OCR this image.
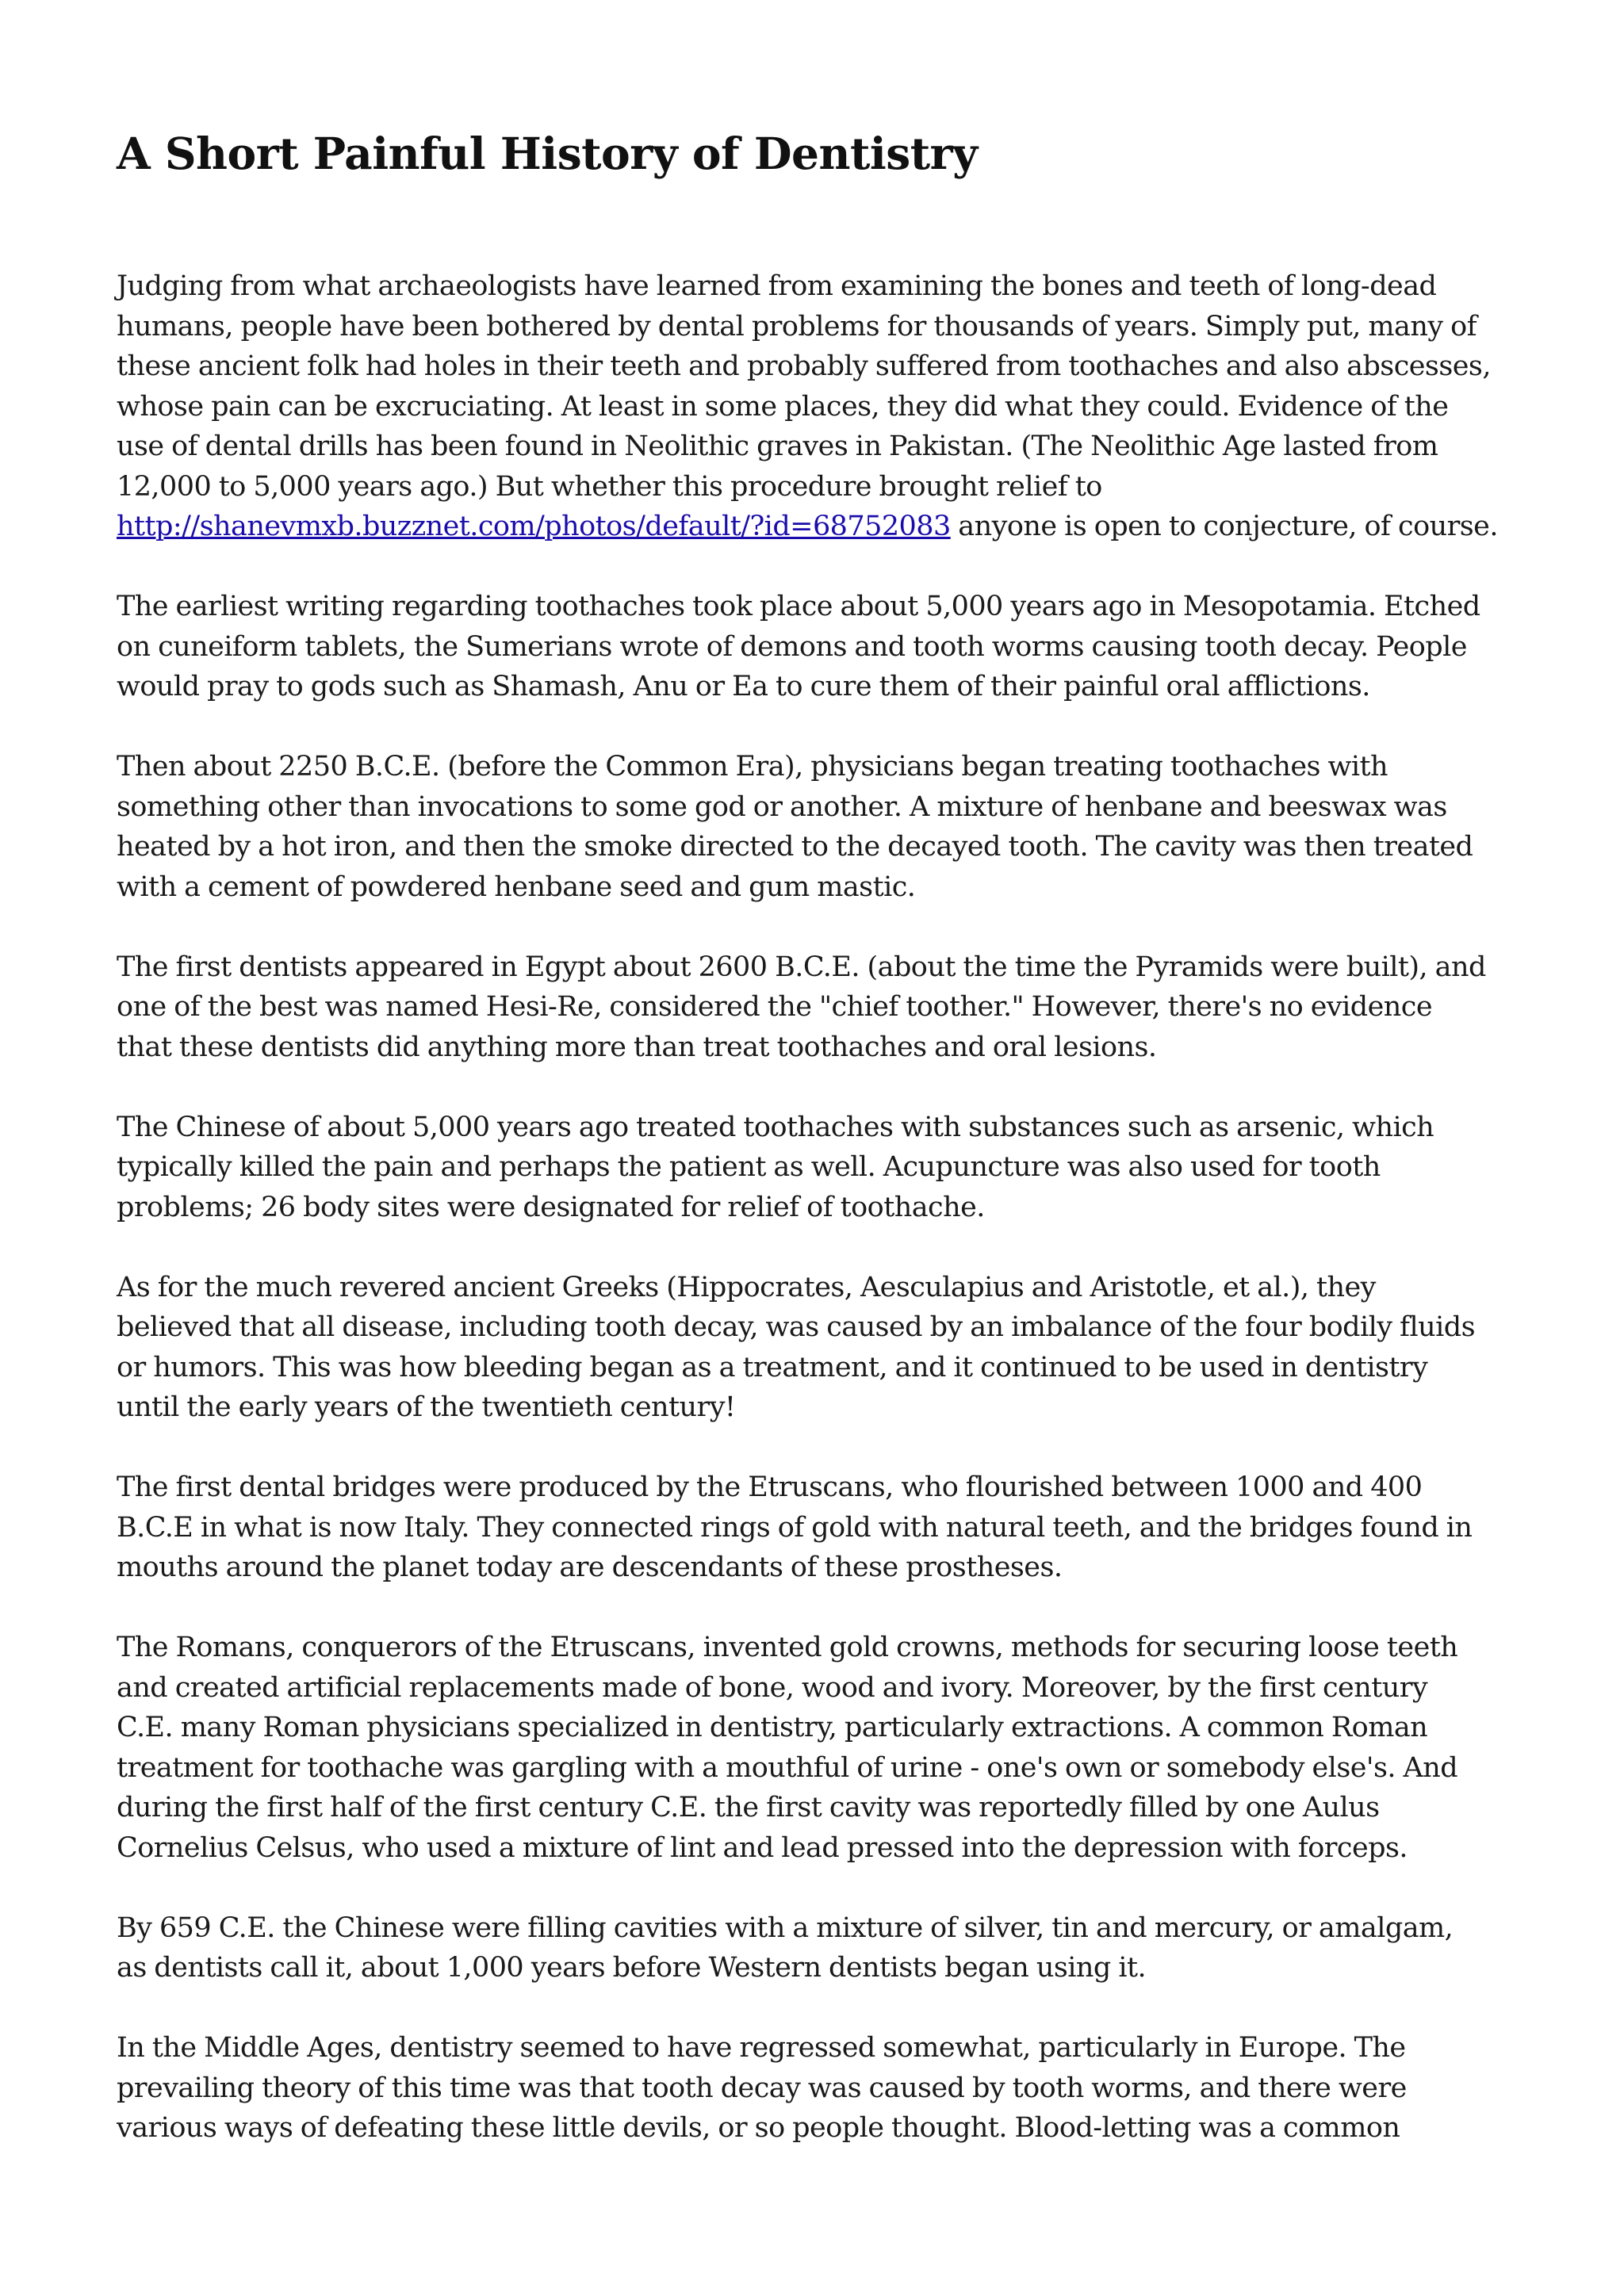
A Short Painful History of Dentistry
Judging from what archaeologists have learned from examining the bones and teeth of long-dead
humans, people have been bothered by dental problems for thousands of years. Simply put, many of
these ancient folk had holes in their teeth and probably suffered from toothaches and also abscesses,
whose pain can be excruciating. At least in some places, they did what they could. Evidence of the
use of dental drills has been found in Neolithic graves in Pakistan. (The Neolithic Age lasted from
12,000 to 5,000 years ago.) But whether this procedure brought relief to
http://shanevmxb.buzznet.com/photos/default/?id=68752083 anyone is open to conjecture, of course.
The earliest writing regarding toothaches took place about 5,000 years ago in Mesopotamia. Etched
on cuneiform tablets, the Sumerians wrote of demons and tooth worms causing tooth decay. People
would pray to gods such as Shamash, Anu or Ea to cure them of their painful oral afflictions.
Then about 2250 B.C.E. (before the Common Era), physicians began treating toothaches with
something other than invocations to some god or another. A mixture of henbane and beeswax was
heated by a hot iron, and then the smoke directed to the decayed tooth. The cavity was then treated
with a cement of powdered henbane seed and gum mastic.
The first dentists appeared in Egypt about 2600 B.C.E. (about the time the Pyramids were built), and
one of the best was named Hesi-Re, considered the "chief toother." However, there's no evidence
that these dentists did anything more than treat toothaches and oral lesions.
The Chinese of about 5,000 years ago treated toothaches with substances such as arsenic, which
typically killed the pain and perhaps the patient as well. Acupuncture was also used for tooth
problems; 26 body sites were designated for relief of toothache.
As for the much revered ancient Greeks (Hippocrates, Aesculapius and Aristotle, et al.), they
believed that all disease, including tooth decay, was caused by an imbalance of the four bodily fluids
or humors. This was how bleeding began as a treatment, and it continued to be used in dentistry
until the early years of the twentieth century!
The first dental bridges were produced by the Etruscans, who flourished between 1000 and 400
B.C.E in what is now Italy. They connected rings of gold with natural teeth, and the bridges found in
mouths around the planet today are descendants of these prostheses.
The Romans, conquerors of the Etruscans, invented gold crowns, methods for securing loose teeth
and created artificial replacements made of bone, wood and ivory. Moreover, by the first century
C.E. many Roman physicians specialized in dentistry, particularly extractions. A common Roman
treatment for toothache was gargling with a mouthful of urine - one's own or somebody else's. And
during the first half of the first century C.E. the first cavity was reportedly filled by one Aulus
Cornelius Celsus, who used a mixture of lint and lead pressed into the depression with forceps.
By 659 C.E. the Chinese were filling cavities with a mixture of silver, tin and mercury, or amalgam,
as dentists call it, about 1,000 years before Western dentists began using it.
In the Middle Ages, dentistry seemed to have regressed somewhat, particularly in Europe. The
prevailing theory of this time was that tooth decay was caused by tooth worms, and there were
various ways of defeating these little devils, or so people thought. Blood-letting was a common
